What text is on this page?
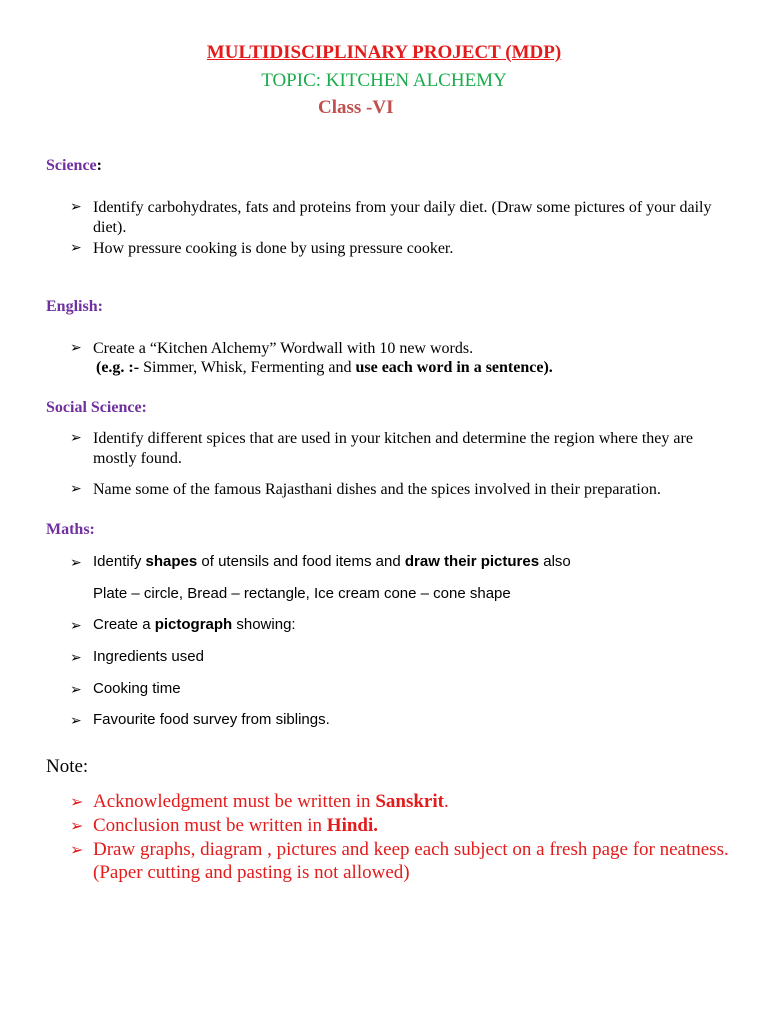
MULTIDISCIPLINARY PROJECT (MDP)
TOPIC: KITCHEN ALCHEMY
Class -VI
Science:
➢ Identify carbohydrates, fats and proteins from your daily diet. (Draw some pictures of your daily diet).
➢ How pressure cooking is done by using pressure cooker.
English:
➢ Create a “Kitchen Alchemy” Wordwall with 10 new words.
(e.g. :- Simmer, Whisk, Fermenting and use each word in a sentence).
Social Science:
➢ Identify different spices that are used in your kitchen and determine the region where they are mostly found.
➢ Name some of the famous Rajasthani dishes and the spices involved in their preparation.
Maths:
➢ Identify shapes of utensils and food items and draw their pictures also
Plate – circle, Bread – rectangle, Ice cream cone – cone shape
➢ Create a pictograph showing:
➢ Ingredients used
➢ Cooking time
➢ Favourite food survey from siblings.
Note:
➢ Acknowledgment must be written in Sanskrit.
➢ Conclusion must be written in Hindi.
➢ Draw graphs, diagram , pictures and keep each subject on a fresh page for neatness.(Paper cutting and pasting is not allowed)
